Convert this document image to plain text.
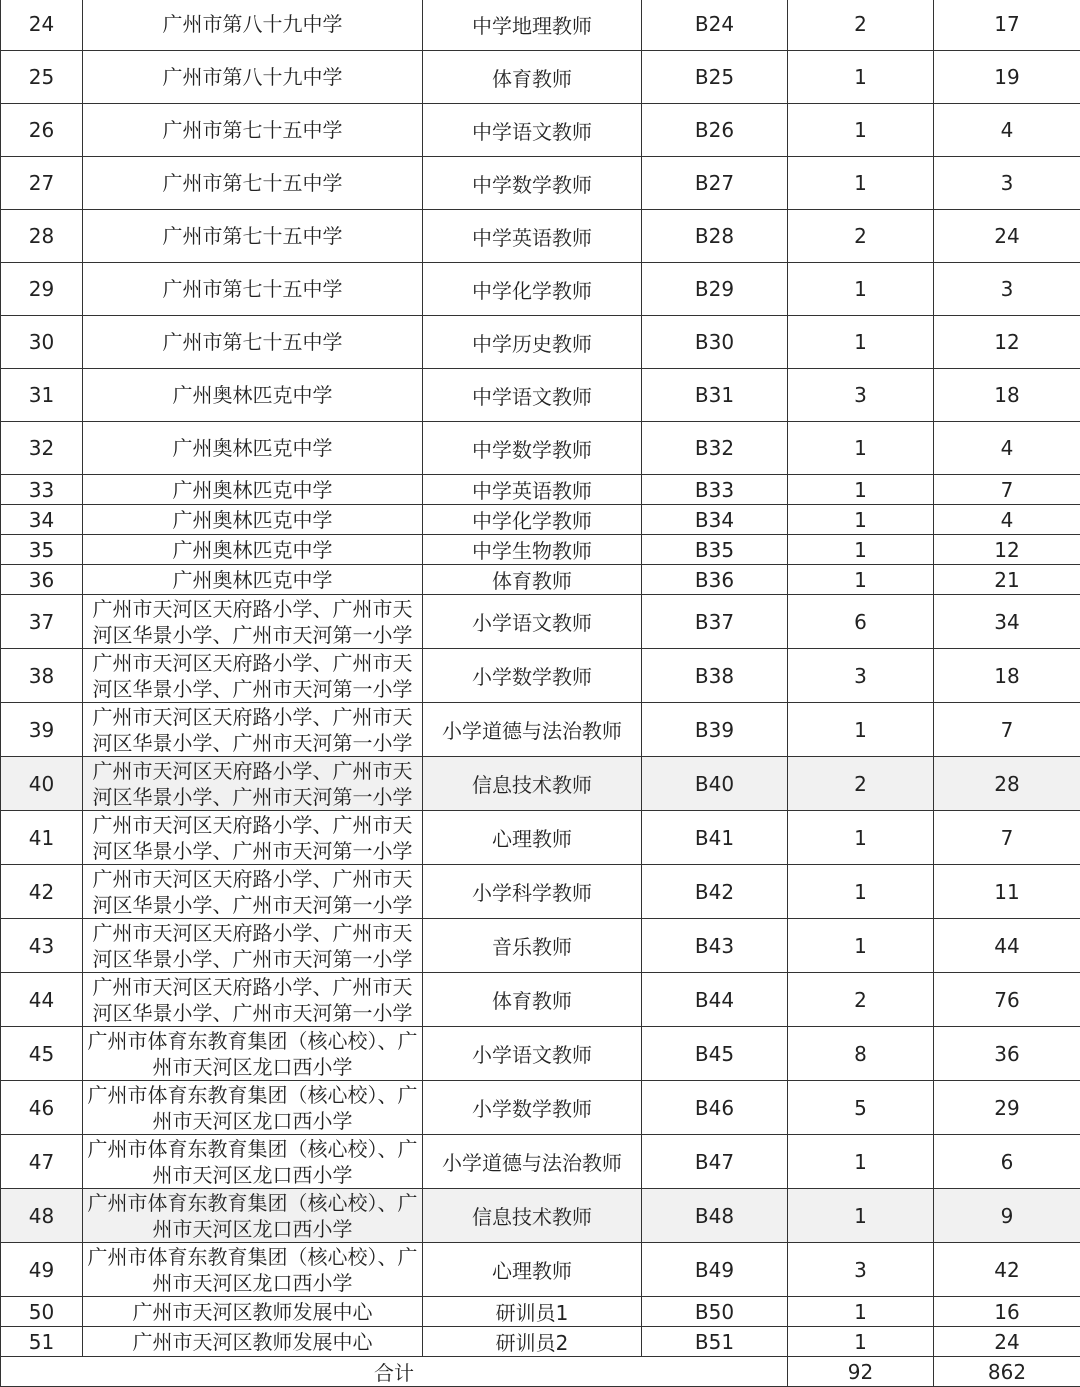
24	广州市第八十九中学	中学地理教师	B24	2	17
25	广州市第八十九中学	体育教师	B25	1	19
26	广州市第七十五中学	中学语文教师	B26	1	4
27	广州市第七十五中学	中学数学教师	B27	1	3
28	广州市第七十五中学	中学英语教师	B28	2	24
29	广州市第七十五中学	中学化学教师	B29	1	3
30	广州市第七十五中学	中学历史教师	B30	1	12
31	广州奥林匹克中学	中学语文教师	B31	3	18
32	广州奥林匹克中学	中学数学教师	B32	1	4
33	广州奥林匹克中学	中学英语教师	B33	1	7
34	广州奥林匹克中学	中学化学教师	B34	1	4
35	广州奥林匹克中学	中学生物教师	B35	1	12
36	广州奥林匹克中学	体育教师	B36	1	21
37	广州市天河区天府路小学、广州市天河区华景小学、广州市天河第一小学	小学语文教师	B37	6	34
38	广州市天河区天府路小学、广州市天河区华景小学、广州市天河第一小学	小学数学教师	B38	3	18
39	广州市天河区天府路小学、广州市天河区华景小学、广州市天河第一小学	小学道德与法治教师	B39	1	7
40	广州市天河区天府路小学、广州市天河区华景小学、广州市天河第一小学	信息技术教师	B40	2	28
41	广州市天河区天府路小学、广州市天河区华景小学、广州市天河第一小学	心理教师	B41	1	7
42	广州市天河区天府路小学、广州市天河区华景小学、广州市天河第一小学	小学科学教师	B42	1	11
43	广州市天河区天府路小学、广州市天河区华景小学、广州市天河第一小学	音乐教师	B43	1	44
44	广州市天河区天府路小学、广州市天河区华景小学、广州市天河第一小学	体育教师	B44	2	76
45	广州市体育东教育集团（核心校）、广州市天河区龙口西小学	小学语文教师	B45	8	36
46	广州市体育东教育集团（核心校）、广州市天河区龙口西小学	小学数学教师	B46	5	29
47	广州市体育东教育集团（核心校）、广州市天河区龙口西小学	小学道德与法治教师	B47	1	6
48	广州市体育东教育集团（核心校）、广州市天河区龙口西小学	信息技术教师	B48	1	9
49	广州市体育东教育集团（核心校）、广州市天河区龙口西小学	心理教师	B49	3	42
50	广州市天河区教师发展中心	研训员1	B50	1	16
51	广州市天河区教师发展中心	研训员2	B51	1	24
合计				92	862
